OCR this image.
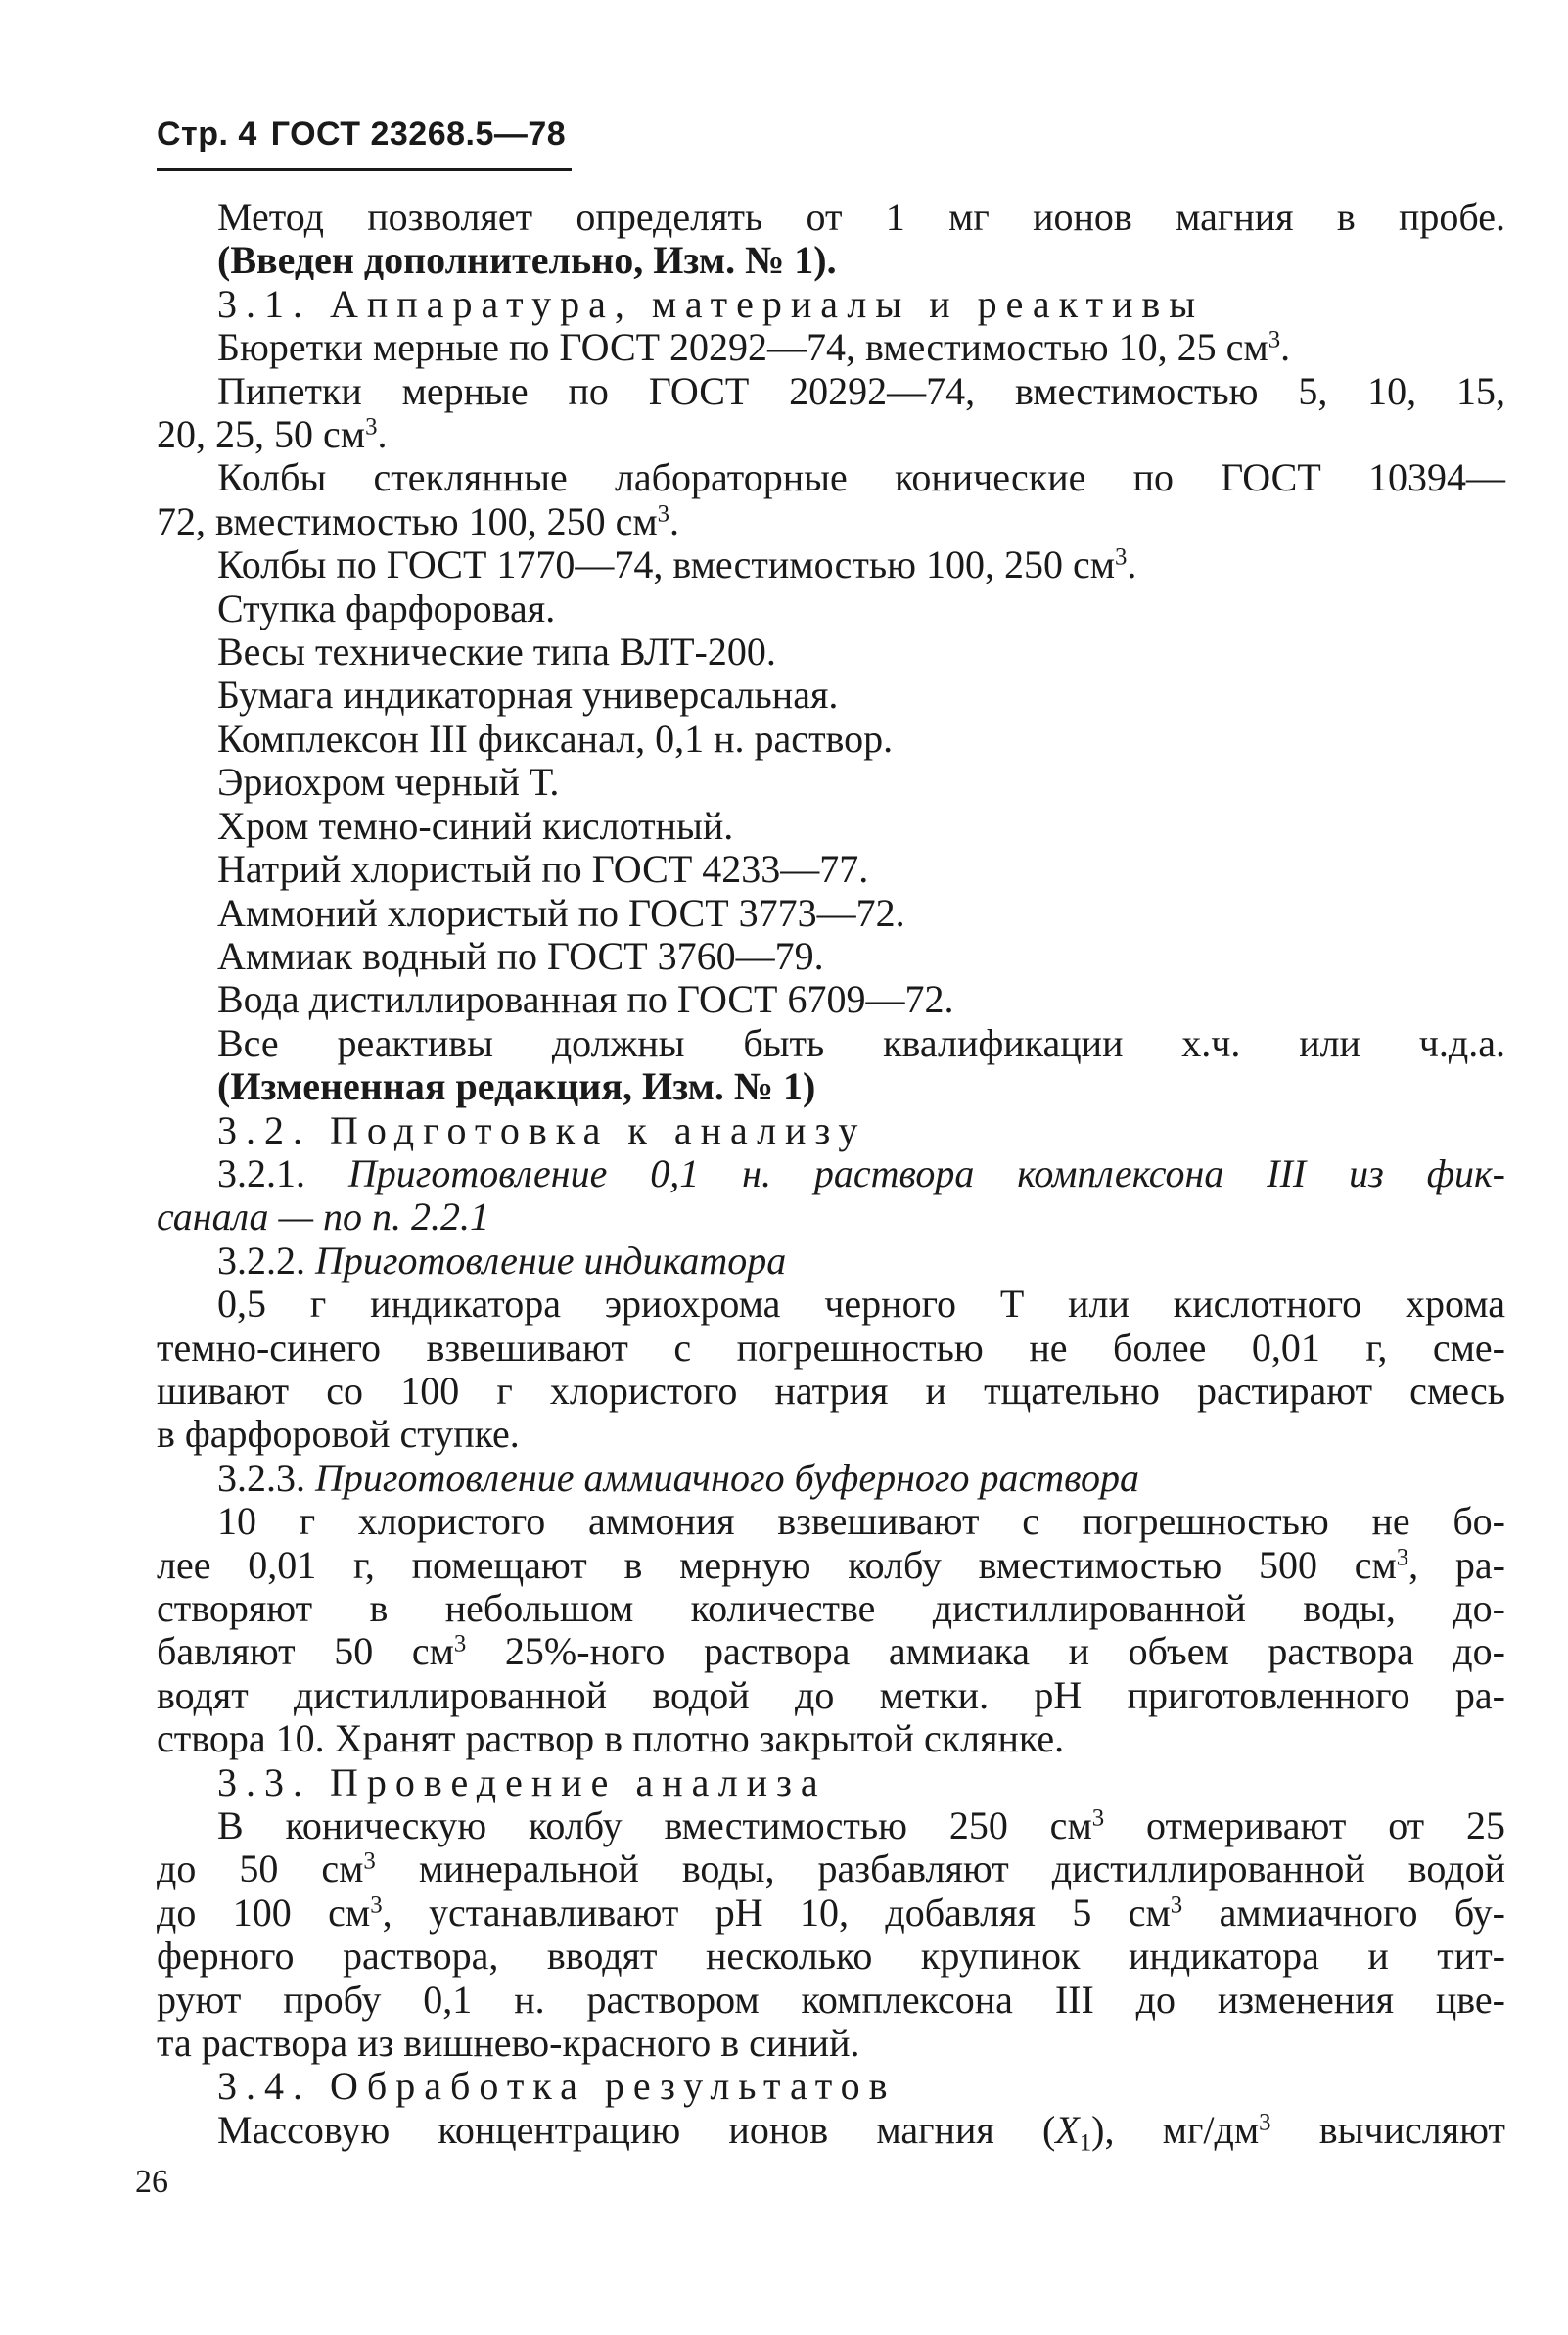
Стр. 4 ГОСТ 23268.5—78
Метод позволяет определять от 1 мг ионов магния в пробе.
(Введен дополнительно, Изм. № 1).
3.1. Аппаратура, материалы и реактивы
Бюретки мерные по ГОСТ 20292—74, вместимостью 10, 25 $см^3$.
Пипетки мерные по ГОСТ 20292—74, вместимостью 5, 10, 15,
20, 25, 50 $см^3$.
Колбы стеклянные лабораторные конические по ГОСТ 10394—
72, вместимостью 100, 250 $см^3$.
Колбы по ГОСТ 1770—74, вместимостью 100, 250 $см^3$.
Ступка фарфоровая.
Весы технические типа ВЛТ-200.
Бумага индикаторная универсальная.
Комплексон III фиксанал, 0,1 н. раствор.
Эриохром черный Т.
Хром темно-синий кислотный.
Натрий хлористый по ГОСТ 4233—77.
Аммоний хлористый по ГОСТ 3773—72.
Аммиак водный по ГОСТ 3760—79.
Вода дистиллированная по ГОСТ 6709—72.
Все реактивы должны быть квалификации х.ч. или ч.д.а.
(Измененная редакция, Изм. № 1)
3.2. Подготовка к анализу
3.2.1. Приготовление 0,1 н. раствора комплексона III из фик-
санала — по п. 2.2.1
3.2.2. Приготовление индикатора
0,5 г индикатора эриохрома черного Т или кислотного хрома
темно-синего взвешивают с погрешностью не более 0,01 г, сме-
шивают со 100 г хлористого натрия и тщательно растирают смесь
в фарфоровой ступке.
3.2.3. Приготовление аммиачного буферного раствора
10 г хлористого аммония взвешивают с погрешностью не бо-
лее 0,01 г, помещают в мерную колбу вместимостью 500 $см^3$, ра-
створяют в небольшом количестве дистиллированной воды, до-
бавляют 50 $см^3$ 25%-ного раствора аммиака и объем раствора до-
водят дистиллированной водой до метки. pH приготовленного ра-
створа 10. Хранят раствор в плотно закрытой склянке.
3.3. Проведение анализа
В коническую колбу вместимостью 250 $см^3$ отмеривают от 25
до 50 $см^3$ минеральной воды, разбавляют дистиллированной водой
до 100 $см^3$, устанавливают pH 10, добавляя 5 $см^3$ аммиачного бу-
ферного раствора, вводят несколько крупинок индикатора и тит-
руют пробу 0,1 н. раствором комплексона III до изменения цве-
та раствора из вишнево-красного в синий.
3.4. Обработка результатов
Массовую концентрацию ионов магния $(X_1)$, $мг/дм^3$ вычисляют
26
